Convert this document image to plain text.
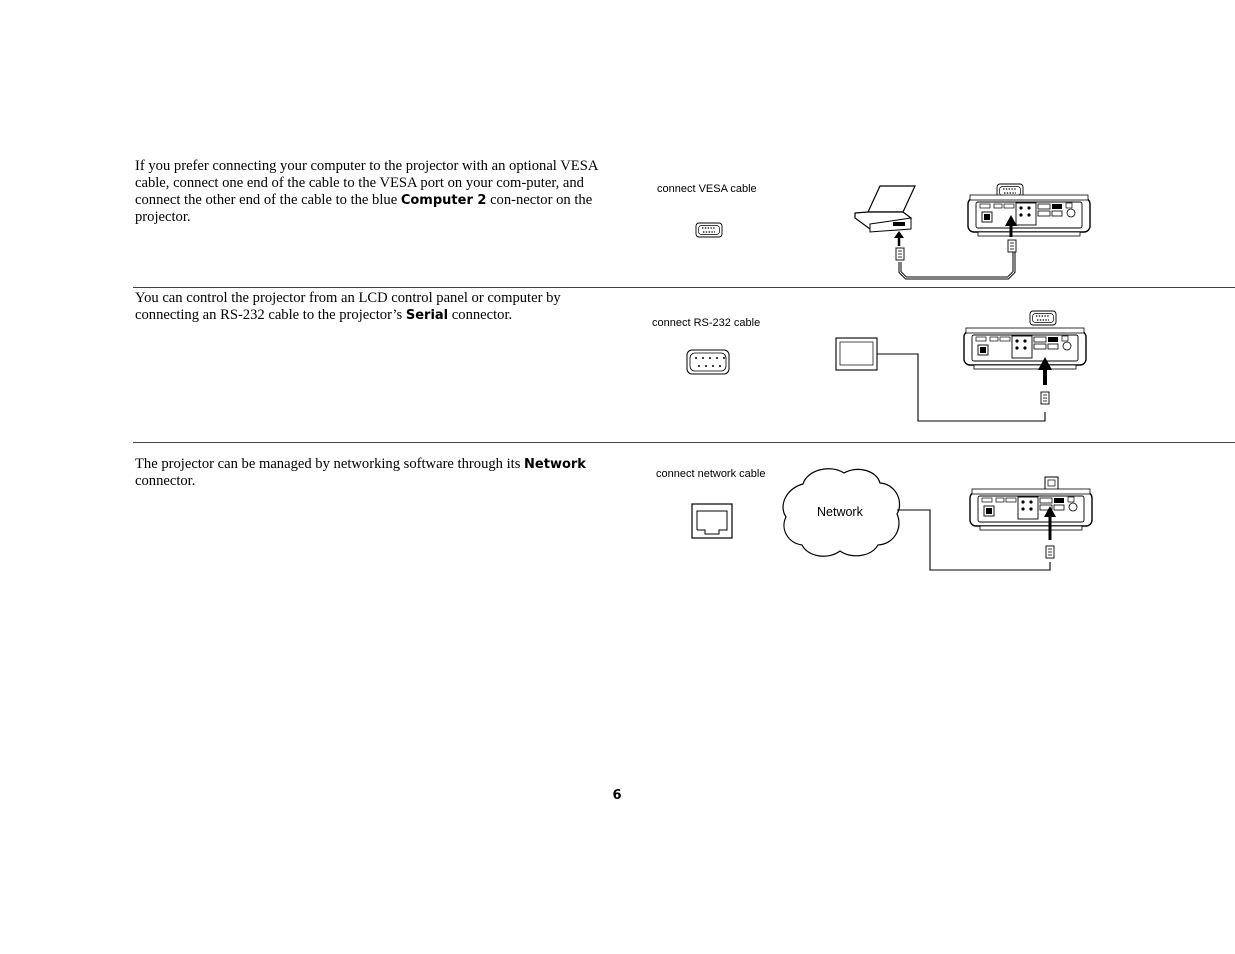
If you prefer connecting your computer to the projector with an optional VESA cable, connect one end of the cable to the VESA port on your com-puter, and connect the other end of the cable to the blue Computer 2 con-nector on the projector.

connect VESA cable

You can control the projector from an LCD control panel or computer by connecting an RS-232 cable to the projector’s Serial connector.	connect RS-232 cable

The projector can be managed by networking software through its Network connector.	connect network cable
6
Network
